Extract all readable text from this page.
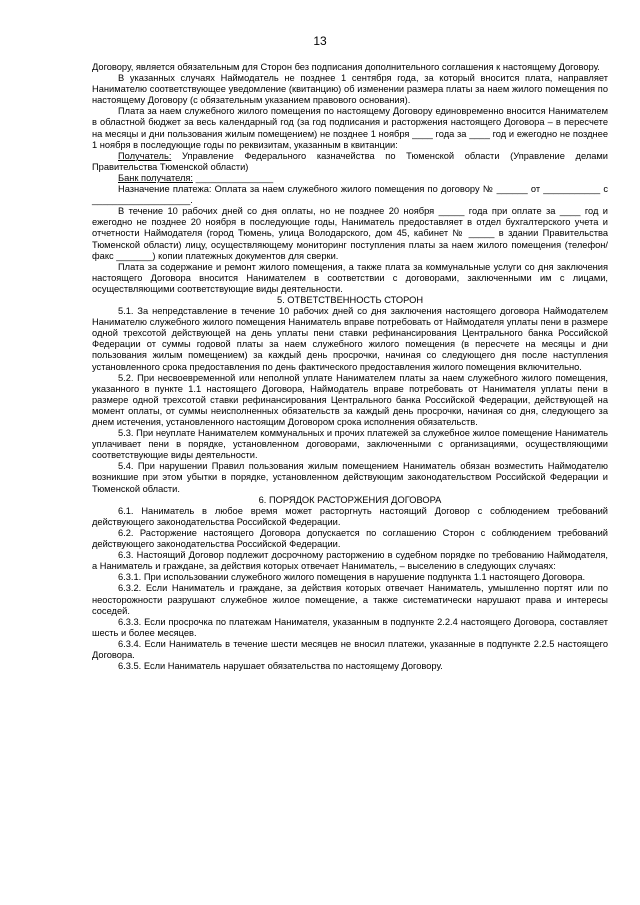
13

Договору, является обязательным для Сторон без подписания дополнительного соглашения к настоящему Договору.

В указанных случаях Наймодатель не позднее 1 сентября года, за который вносится плата, направляет Нанимателю соответствующее уведомление (квитанцию) об изменении размера платы за наем жилого помещения по настоящему Договору (с обязательным указанием правового основания).

Плата за наем служебного жилого помещения по настоящему Договору единовременно вносится Нанимателем в областной бюджет за весь календарный год (за год подписания и расторжения настоящего Договора – в пересчете на месяцы и дни пользования жилым помещением) не позднее 1 ноября ____ года за ____ год и ежегодно не позднее 1 ноября в последующие годы по реквизитам, указанным в квитанции:

Получатель: Управление Федерального казначейства по Тюменской области (Управление делами Правительства Тюменской области)

Банк получателя: _______________

Назначение платежа: Оплата за наем служебного жилого помещения по договору № ______ от ___________ с ___________________.

В течение 10 рабочих дней со дня оплаты, но не позднее 20 ноября _____ года при оплате за ____ год и ежегодно не позднее 20 ноября в последующие годы, Наниматель предоставляет в отдел бухгалтерского учета и отчетности Наймодателя (город Тюмень, улица Володарского, дом 45, кабинет № _____ в здании Правительства Тюменской области) лицу, осуществляющему мониторинг поступления платы за наем жилого помещения (телефон/факс _______) копии платежных документов для сверки.

Плата за содержание и ремонт жилого помещения, а также плата за коммунальные услуги со дня заключения настоящего Договора вносится Нанимателем в соответствии с договорами, заключенными им с лицами, осуществляющими соответствующие виды деятельности.

5. ОТВЕТСТВЕННОСТЬ СТОРОН

5.1. За непредставление в течение 10 рабочих дней со дня заключения настоящего договора Наймодателем Нанимателю служебного жилого помещения Наниматель вправе потребовать от Наймодателя уплаты пени в размере одной трехсотой действующей на день уплаты пени ставки рефинансирования Центрального банка Российской Федерации от суммы годовой платы за наем служебного жилого помещения (в пересчете на месяцы и дни пользования жилым помещением) за каждый день просрочки, начиная со следующего дня после наступления установленного срока предоставления по день фактического предоставления жилого помещения включительно.

5.2. При несвоевременной или неполной уплате Нанимателем платы за наем служебного жилого помещения, указанного в пункте 1.1 настоящего Договора, Наймодатель вправе потребовать от Нанимателя уплаты пени в размере одной трехсотой ставки рефинансирования Центрального банка Российской Федерации, действующей на момент оплаты, от суммы неисполненных обязательств за каждый день просрочки, начиная со дня, следующего за днем истечения, установленного настоящим Договором срока исполнения обязательств.

5.3. При неуплате Нанимателем коммунальных и прочих платежей за служебное жилое помещение Наниматель уплачивает пени в порядке, установленном договорами, заключенными с организациями, осуществляющими соответствующие виды деятельности.

5.4. При нарушении Правил пользования жилым помещением Наниматель обязан возместить Наймодателю возникшие при этом убытки в порядке, установленном действующим законодательством Российской Федерации и Тюменской области.

6. ПОРЯДОК РАСТОРЖЕНИЯ ДОГОВОРА

6.1. Наниматель в любое время может расторгнуть настоящий Договор с соблюдением требований действующего законодательства Российской Федерации.

6.2. Расторжение настоящего Договора допускается по соглашению Сторон с соблюдением требований действующего законодательства Российской Федерации.

6.3. Настоящий Договор подлежит досрочному расторжению в судебном порядке по требованию Наймодателя, а Наниматель и граждане, за действия которых отвечает Наниматель, – выселению в следующих случаях:

6.3.1. При использовании служебного жилого помещения в нарушение подпункта 1.1 настоящего Договора.

6.3.2. Если Наниматель и граждане, за действия которых отвечает Наниматель, умышленно портят или по неосторожности разрушают служебное жилое помещение, а также систематически нарушают права и интересы соседей.

6.3.3. Если просрочка по платежам Нанимателя, указанным в подпункте 2.2.4 настоящего Договора, составляет шесть и более месяцев.

6.3.4. Если Наниматель в течение шести месяцев не вносил платежи, указанные в подпункте 2.2.5 настоящего Договора.

6.3.5. Если Наниматель нарушает обязательства по настоящему Договору.
